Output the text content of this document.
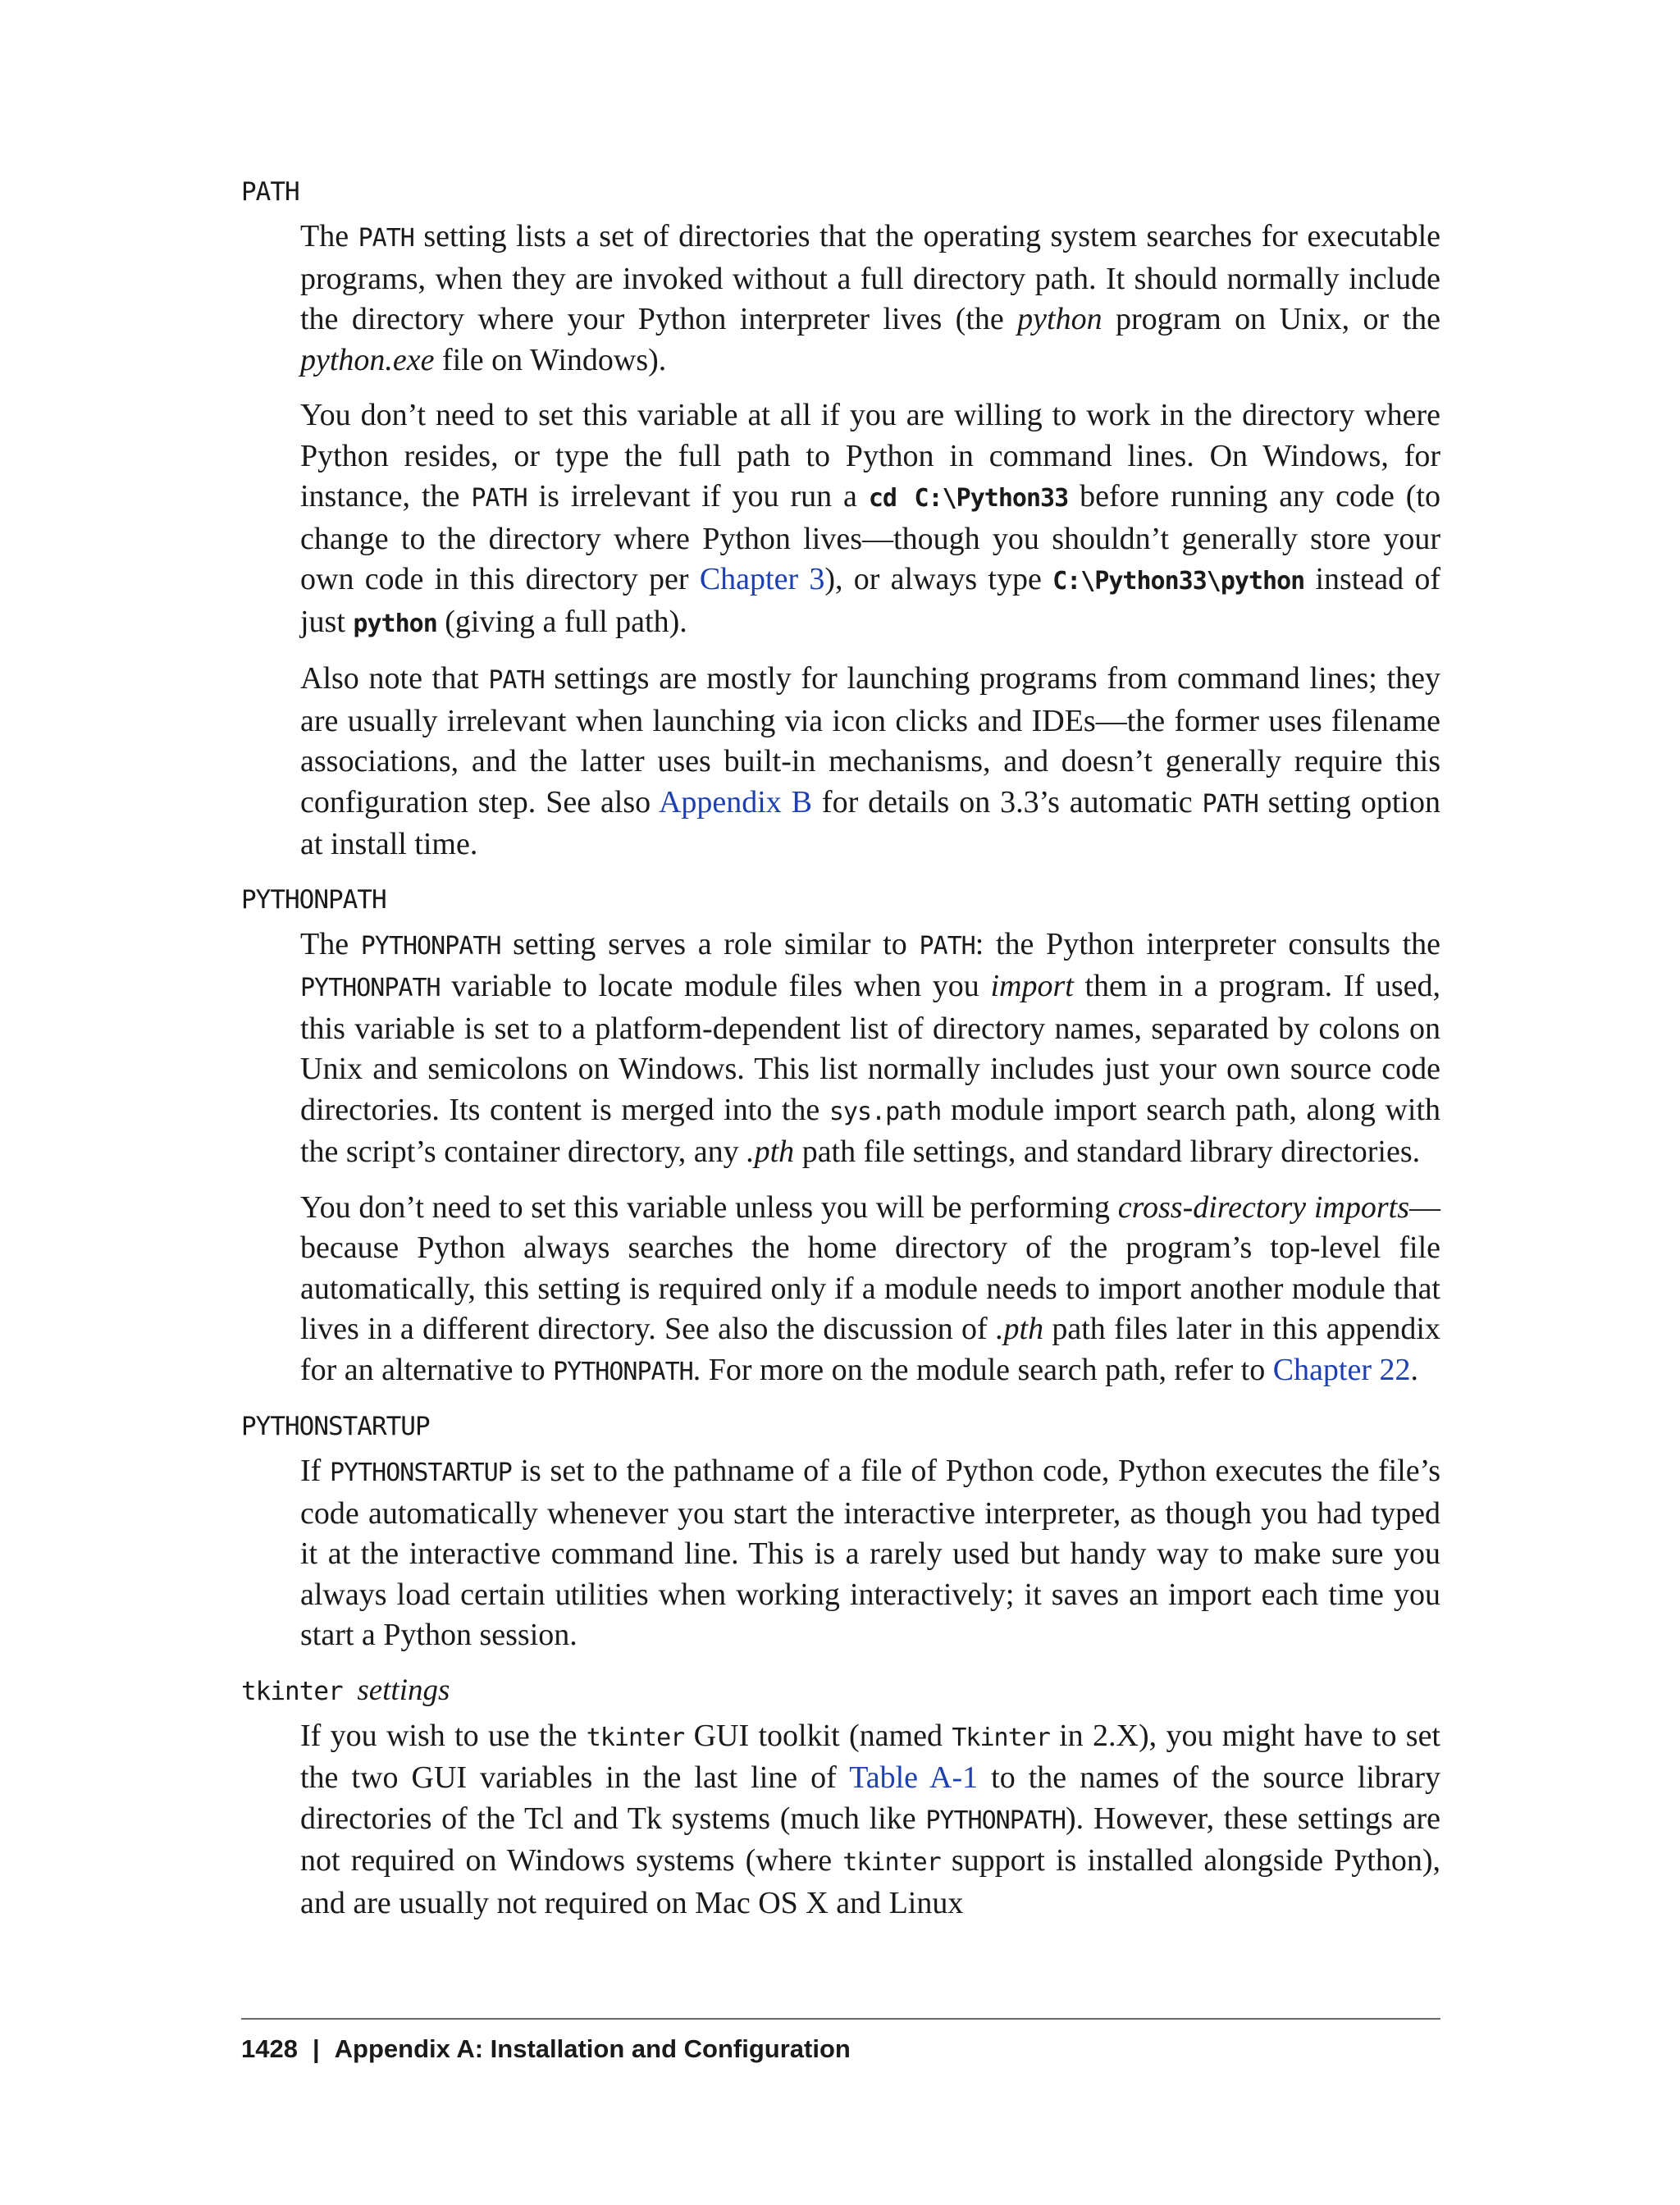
PATH

The PATH setting lists a set of directories that the operating system searches for executable programs, when they are invoked without a full directory path. It should normally include the directory where your Python interpreter lives (the python program on Unix, or the python.exe file on Windows).

You don’t need to set this variable at all if you are willing to work in the directory where Python resides, or type the full path to Python in command lines. On Windows, for instance, the PATH is irrelevant if you run a cd C:\Python33 before running any code (to change to the directory where Python lives—though you shouldn’t generally store your own code in this directory per Chapter 3), or always type C:\Python33\python instead of just python (giving a full path).

Also note that PATH settings are mostly for launching programs from command lines; they are usually irrelevant when launching via icon clicks and IDEs—the former uses filename associations, and the latter uses built-in mechanisms, and doesn’t generally require this configuration step. See also Appendix B for details on 3.3’s automatic PATH setting option at install time.

PYTHONPATH

The PYTHONPATH setting serves a role similar to PATH: the Python interpreter consults the PYTHONPATH variable to locate module files when you import them in a program. If used, this variable is set to a platform-dependent list of directory names, separated by colons on Unix and semicolons on Windows. This list normally includes just your own source code directories. Its content is merged into the sys.path module import search path, along with the script’s container directory, any .pth path file settings, and standard library directories.

You don’t need to set this variable unless you will be performing cross-directory imports—because Python always searches the home directory of the program’s top-level file automatically, this setting is required only if a module needs to import another module that lives in a different directory. See also the discussion of .pth path files later in this appendix for an alternative to PYTHONPATH. For more on the module search path, refer to Chapter 22.

PYTHONSTARTUP

If PYTHONSTARTUP is set to the pathname of a file of Python code, Python executes the file’s code automatically whenever you start the interactive interpreter, as though you had typed it at the interactive command line. This is a rarely used but handy way to make sure you always load certain utilities when working interactively; it saves an import each time you start a Python session.

tkinter settings

If you wish to use the tkinter GUI toolkit (named Tkinter in 2.X), you might have to set the two GUI variables in the last line of Table A-1 to the names of the source library directories of the Tcl and Tk systems (much like PYTHONPATH). However, these settings are not required on Windows systems (where tkinter support is installed alongside Python), and are usually not required on Mac OS X and Linux

1428 | Appendix A: Installation and Configuration
